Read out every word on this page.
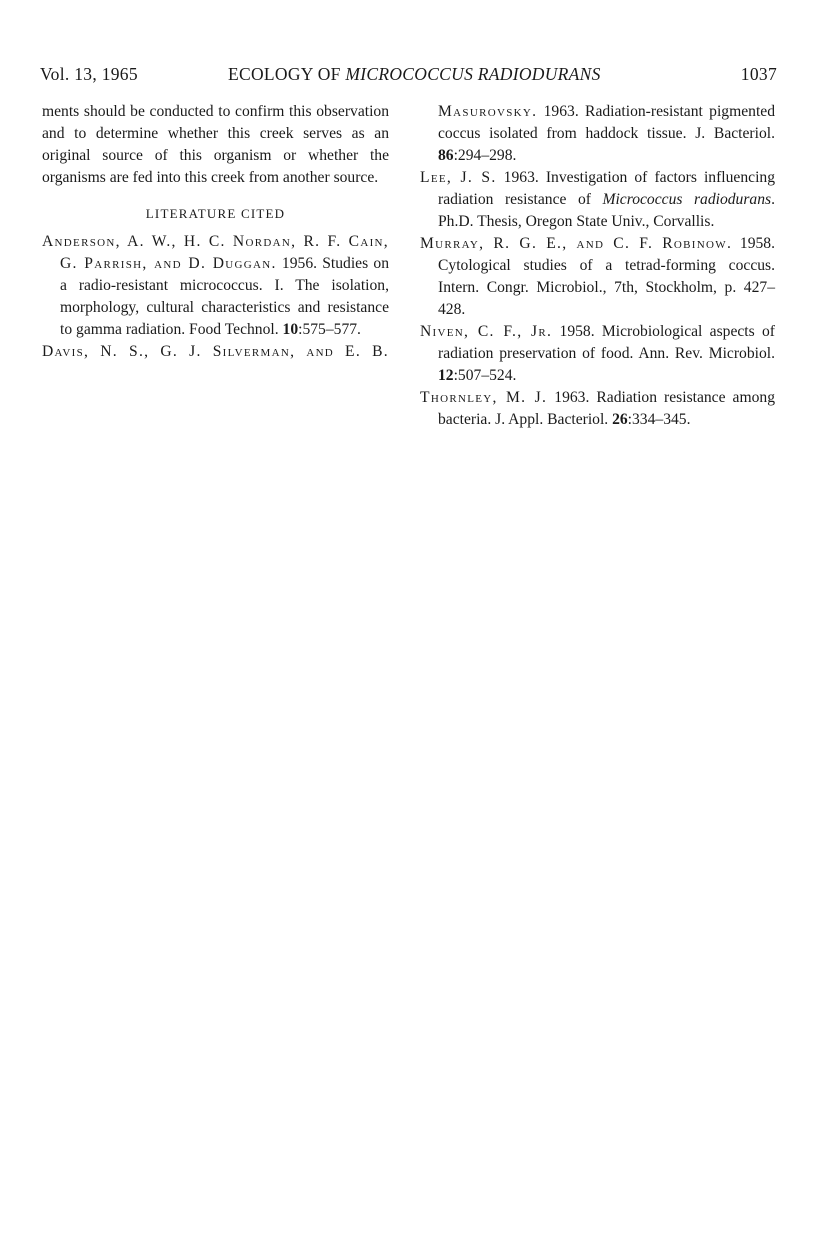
Vol. 13, 1965	ECOLOGY OF MICROCOCCUS RADIODURANS	1037

ments should be conducted to confirm this observation and to determine whether this creek serves as an original source of this organism or whether the organisms are fed into this creek from another source.

LITERATURE CITED

Anderson, A. W., H. C. Nordan, R. F. Cain, G. Parrish, and D. Duggan. 1956. Studies on a radio-resistant micrococcus. I. The isolation, morphology, cultural characteristics and resistance to gamma radiation. Food Technol. 10:575–577.

Davis, N. S., G. J. Silverman, and E. B.

Masurovsky. 1963. Radiation-resistant pigmented coccus isolated from haddock tissue. J. Bacteriol. 86:294–298.

Lee, J. S. 1963. Investigation of factors influencing radiation resistance of Micrococcus radiodurans. Ph.D. Thesis, Oregon State Univ., Corvallis.

Murray, R. G. E., and C. F. Robinow. 1958. Cytological studies of a tetrad-forming coccus. Intern. Congr. Microbiol., 7th, Stockholm, p. 427–428.

Niven, C. F., Jr. 1958. Microbiological aspects of radiation preservation of food. Ann. Rev. Microbiol. 12:507–524.

Thornley, M. J. 1963. Radiation resistance among bacteria. J. Appl. Bacteriol. 26:334–345.
